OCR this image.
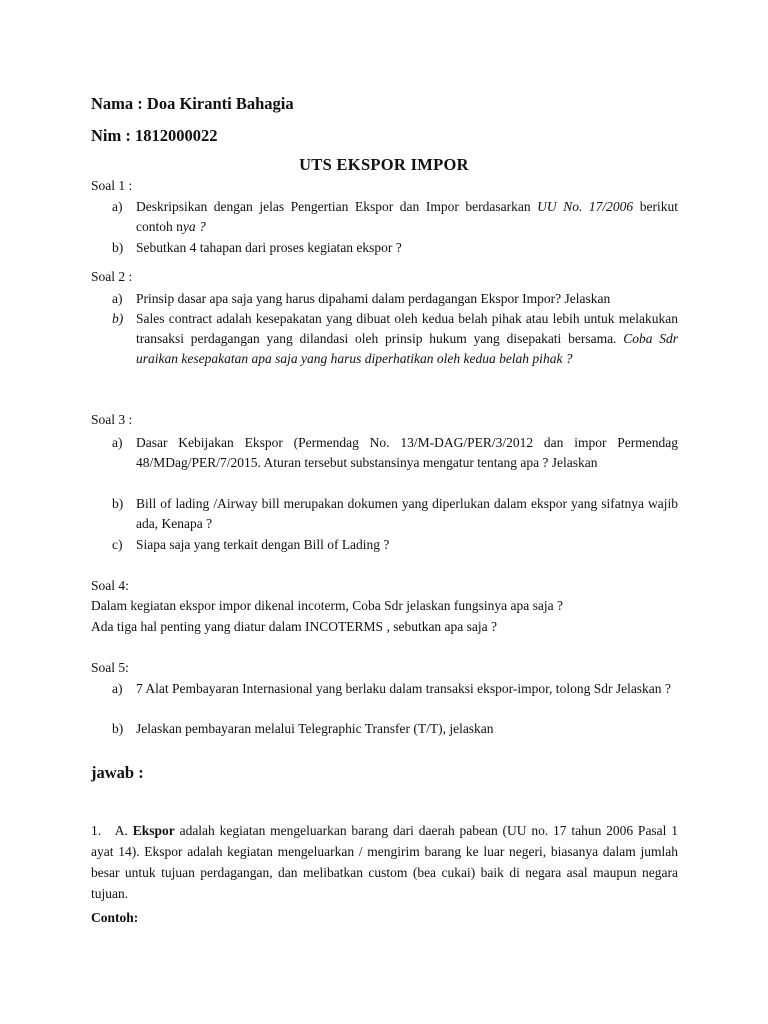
Nama : Doa Kiranti Bahagia
Nim : 1812000022
UTS EKSPOR IMPOR
Soal 1 :
a)	Deskripsikan dengan jelas Pengertian Ekspor dan Impor berdasarkan UU No. 17/2006 berikut contoh nya ?
b) Sebutkan 4 tahapan dari proses kegiatan ekspor ?
Soal 2 :
a)	Prinsip dasar apa saja yang harus dipahami dalam perdagangan Ekspor Impor? Jelaskan
b) Sales contract adalah kesepakatan yang dibuat oleh kedua belah pihak atau lebih untuk melakukan transaksi perdagangan yang dilandasi oleh prinsip hukum yang disepakati bersama. Coba Sdr uraikan kesepakatan apa saja yang harus diperhatikan oleh kedua belah pihak ?
Soal 3 :
a)	Dasar Kebijakan Ekspor (Permendag No. 13/M-DAG/PER/3/2012 dan impor Permendag 48/MDag/PER/7/2015. Aturan tersebut substansinya mengatur tentang apa ? Jelaskan
b) Bill of lading /Airway bill merupakan dokumen yang diperlukan dalam ekspor yang sifatnya wajib ada, Kenapa ?
c)	Siapa saja yang terkait dengan Bill of Lading ?
Soal 4:
Dalam kegiatan ekspor impor dikenal incoterm, Coba Sdr jelaskan fungsinya apa saja ?
Ada tiga hal penting yang diatur dalam INCOTERMS , sebutkan apa saja ?
Soal 5:
a)	7 Alat Pembayaran Internasional yang berlaku dalam transaksi ekspor-impor, tolong Sdr Jelaskan ?
b) Jelaskan pembayaran melalui Telegraphic Transfer (T/T), jelaskan
jawab :
1.   A. Ekspor adalah kegiatan mengeluarkan barang dari daerah pabean (UU no. 17 tahun 2006 Pasal 1 ayat 14). Ekspor adalah kegiatan mengeluarkan / mengirim barang ke luar negeri, biasanya dalam jumlah besar untuk tujuan perdagangan, dan melibatkan custom (bea cukai) baik di negara asal maupun negara tujuan.
Contoh:
